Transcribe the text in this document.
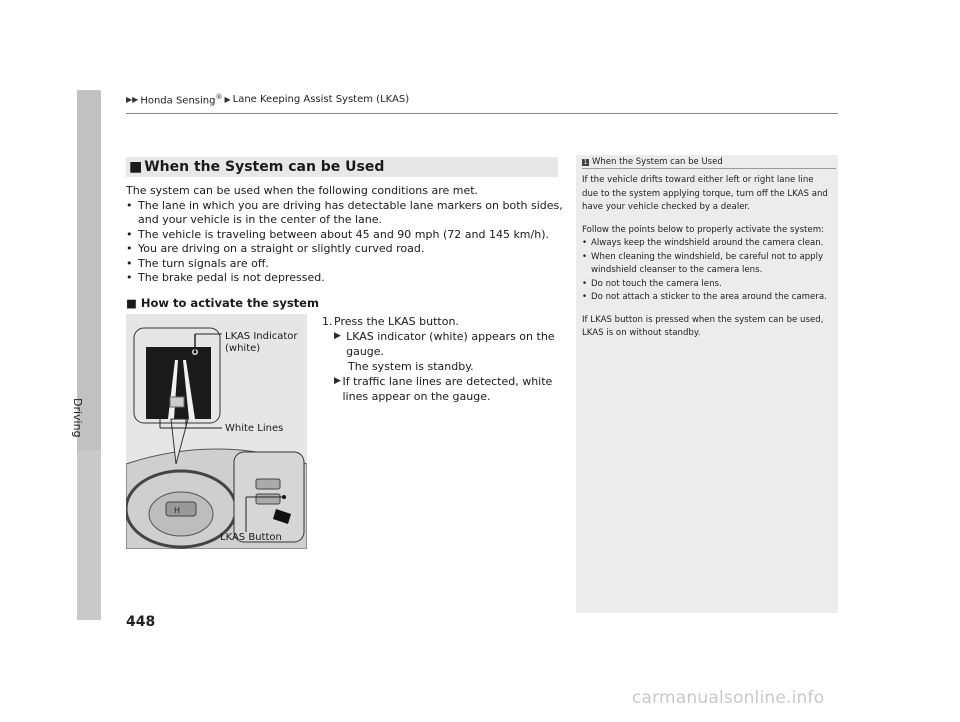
Driving
▶▶ Honda Sensing® ▶ Lane Keeping Assist System (LKAS)
■ When the System can be Used
The system can be used when the following conditions are met.
• The lane in which you are driving has detectable lane markers on both sides, and your vehicle is in the center of the lane.
• The vehicle is traveling between about 45 and 90 mph (72 and 145 km/h).
• You are driving on a straight or slightly curved road.
• The turn signals are off.
• The brake pedal is not depressed.
■ How to activate the system
1. Press the LKAS button.
▶ LKAS indicator (white) appears on the gauge.
The system is standby.
▶ If traffic lane lines are detected, white lines appear on the gauge.
H
LKAS Indicator
(white)
White Lines
LKAS Button
1 When the System can be Used

If the vehicle drifts toward either left or right lane line due to the system applying torque, turn off the LKAS and have your vehicle checked by a dealer.

Follow the points below to properly activate the system:

• Always keep the windshield around the camera clean.
• When cleaning the windshield, be careful not to apply windshield cleanser to the camera lens.
• Do not touch the camera lens.
• Do not attach a sticker to the area around the camera.

If LKAS button is pressed when the system can be used, LKAS is on without standby.

448
carmanualsonline.info
